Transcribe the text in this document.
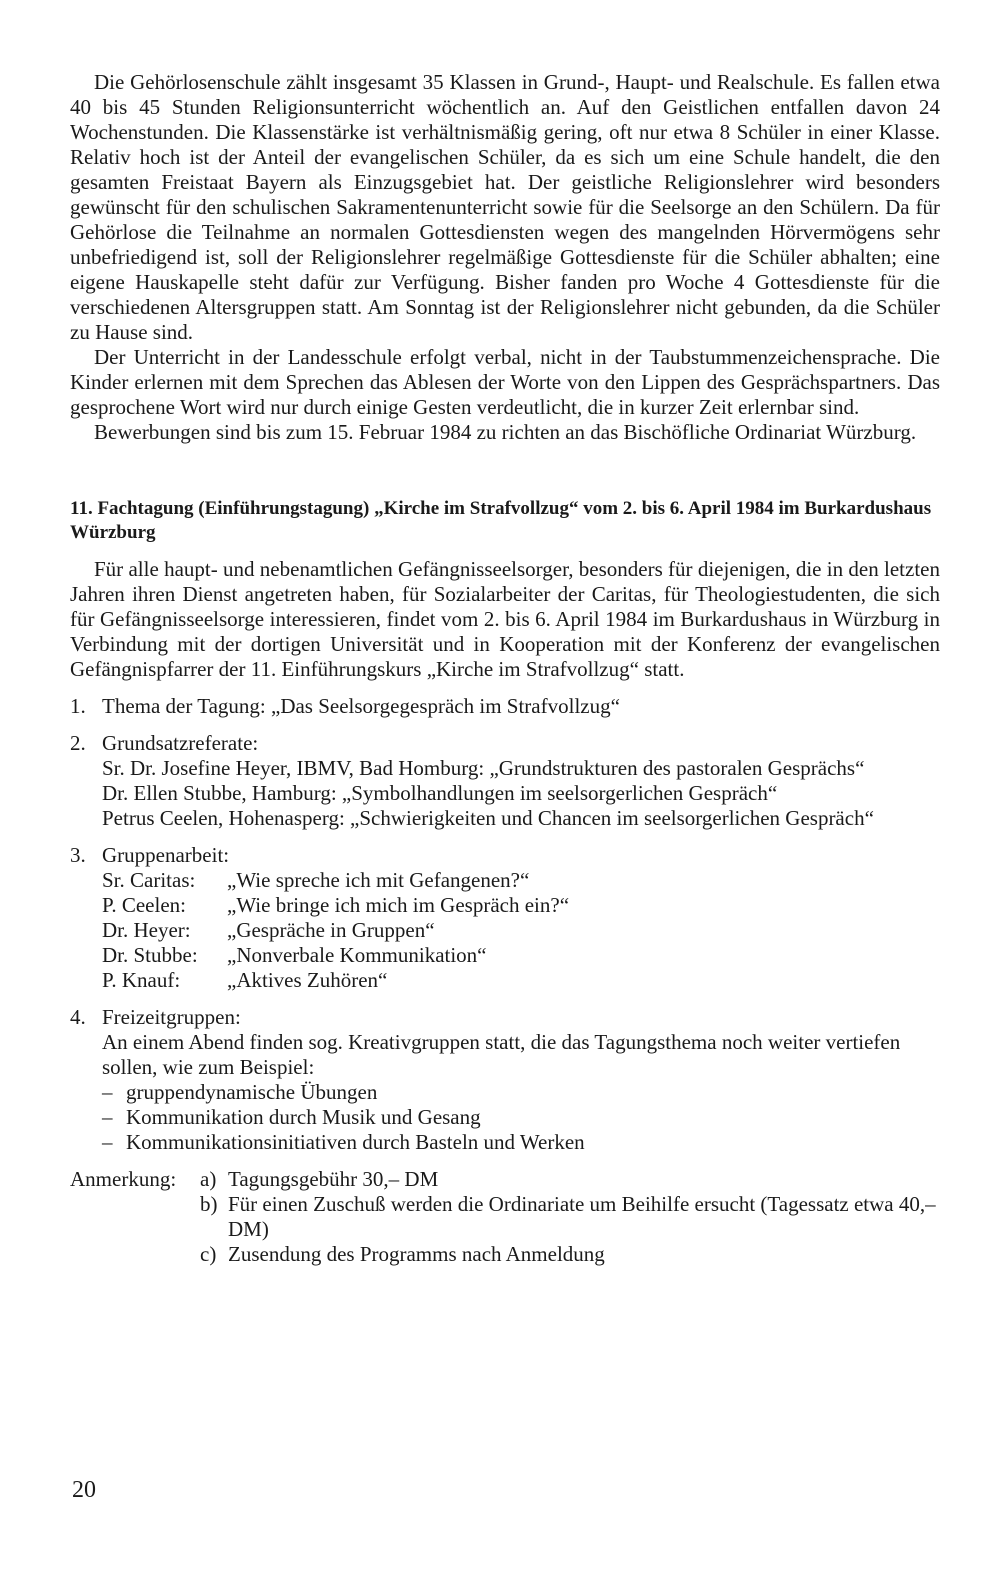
Die Gehörlosenschule zählt insgesamt 35 Klassen in Grund-, Haupt- und Realschule. Es fallen etwa 40 bis 45 Stunden Religionsunterricht wöchentlich an. Auf den Geistlichen entfallen davon 24 Wochenstunden. Die Klassenstärke ist verhältnismäßig gering, oft nur etwa 8 Schüler in einer Klasse. Relativ hoch ist der Anteil der evangelischen Schüler, da es sich um eine Schule handelt, die den gesamten Freistaat Bayern als Einzugsgebiet hat. Der geistliche Religionslehrer wird besonders gewünscht für den schulischen Sakramentenunterricht sowie für die Seelsorge an den Schülern. Da für Gehörlose die Teilnahme an normalen Gottesdiensten wegen des mangelnden Hörvermögens sehr unbefriedigend ist, soll der Religionslehrer regelmäßige Gottesdienste für die Schüler abhalten; eine eigene Hauskapelle steht dafür zur Verfügung. Bisher fanden pro Woche 4 Gottesdienste für die verschiedenen Altersgruppen statt. Am Sonntag ist der Religionslehrer nicht gebunden, da die Schüler zu Hause sind.

Der Unterricht in der Landesschule erfolgt verbal, nicht in der Taubstummenzeichensprache. Die Kinder erlernen mit dem Sprechen das Ablesen der Worte von den Lippen des Gesprächspartners. Das gesprochene Wort wird nur durch einige Gesten verdeutlicht, die in kurzer Zeit erlernbar sind.

Bewerbungen sind bis zum 15. Februar 1984 zu richten an das Bischöfliche Ordinariat Würzburg.

11. Fachtagung (Einführungstagung) „Kirche im Strafvollzug“ vom 2. bis 6. April 1984 im Burkardushaus Würzburg

Für alle haupt- und nebenamtlichen Gefängnisseelsorger, besonders für diejenigen, die in den letzten Jahren ihren Dienst angetreten haben, für Sozialarbeiter der Caritas, für Theologiestudenten, die sich für Gefängnisseelsorge interessieren, findet vom 2. bis 6. April 1984 im Burkardushaus in Würzburg in Verbindung mit der dortigen Universität und in Kooperation mit der Konferenz der evangelischen Gefängnispfarrer der 11. Einführungskurs „Kirche im Strafvollzug“ statt.

1. Thema der Tagung: „Das Seelsorgegespräch im Strafvollzug“
2. Grundsatzreferate:
Sr. Dr. Josefine Heyer, IBMV, Bad Homburg: „Grundstrukturen des pastoralen Gesprächs“
Dr. Ellen Stubbe, Hamburg: „Symbolhandlungen im seelsorgerlichen Gespräch“
Petrus Ceelen, Hohenasperg: „Schwierigkeiten und Chancen im seelsorgerlichen Gespräch“
3. Gruppenarbeit:
Sr. Caritas:	„Wie spreche ich mit Gefangenen?“
P. Ceelen:	„Wie bringe ich mich im Gespräch ein?“
Dr. Heyer:	„Gespräche in Gruppen“
Dr. Stubbe:	„Nonverbale Kommunikation“
P. Knauf:	„Aktives Zuhören“
4. Freizeitgruppen:
An einem Abend finden sog. Kreativgruppen statt, die das Tagungsthema noch weiter vertiefen sollen, wie zum Beispiel:
– gruppendynamische Übungen
– Kommunikation durch Musik und Gesang
– Kommunikationsinitiativen durch Basteln und Werken
Anmerkung:	a) Tagungsgebühr 30,– DM
b) Für einen Zuschuß werden die Ordinariate um Beihilfe ersucht (Tagessatz etwa 40,– DM)
c) Zusendung des Programms nach Anmeldung
20
